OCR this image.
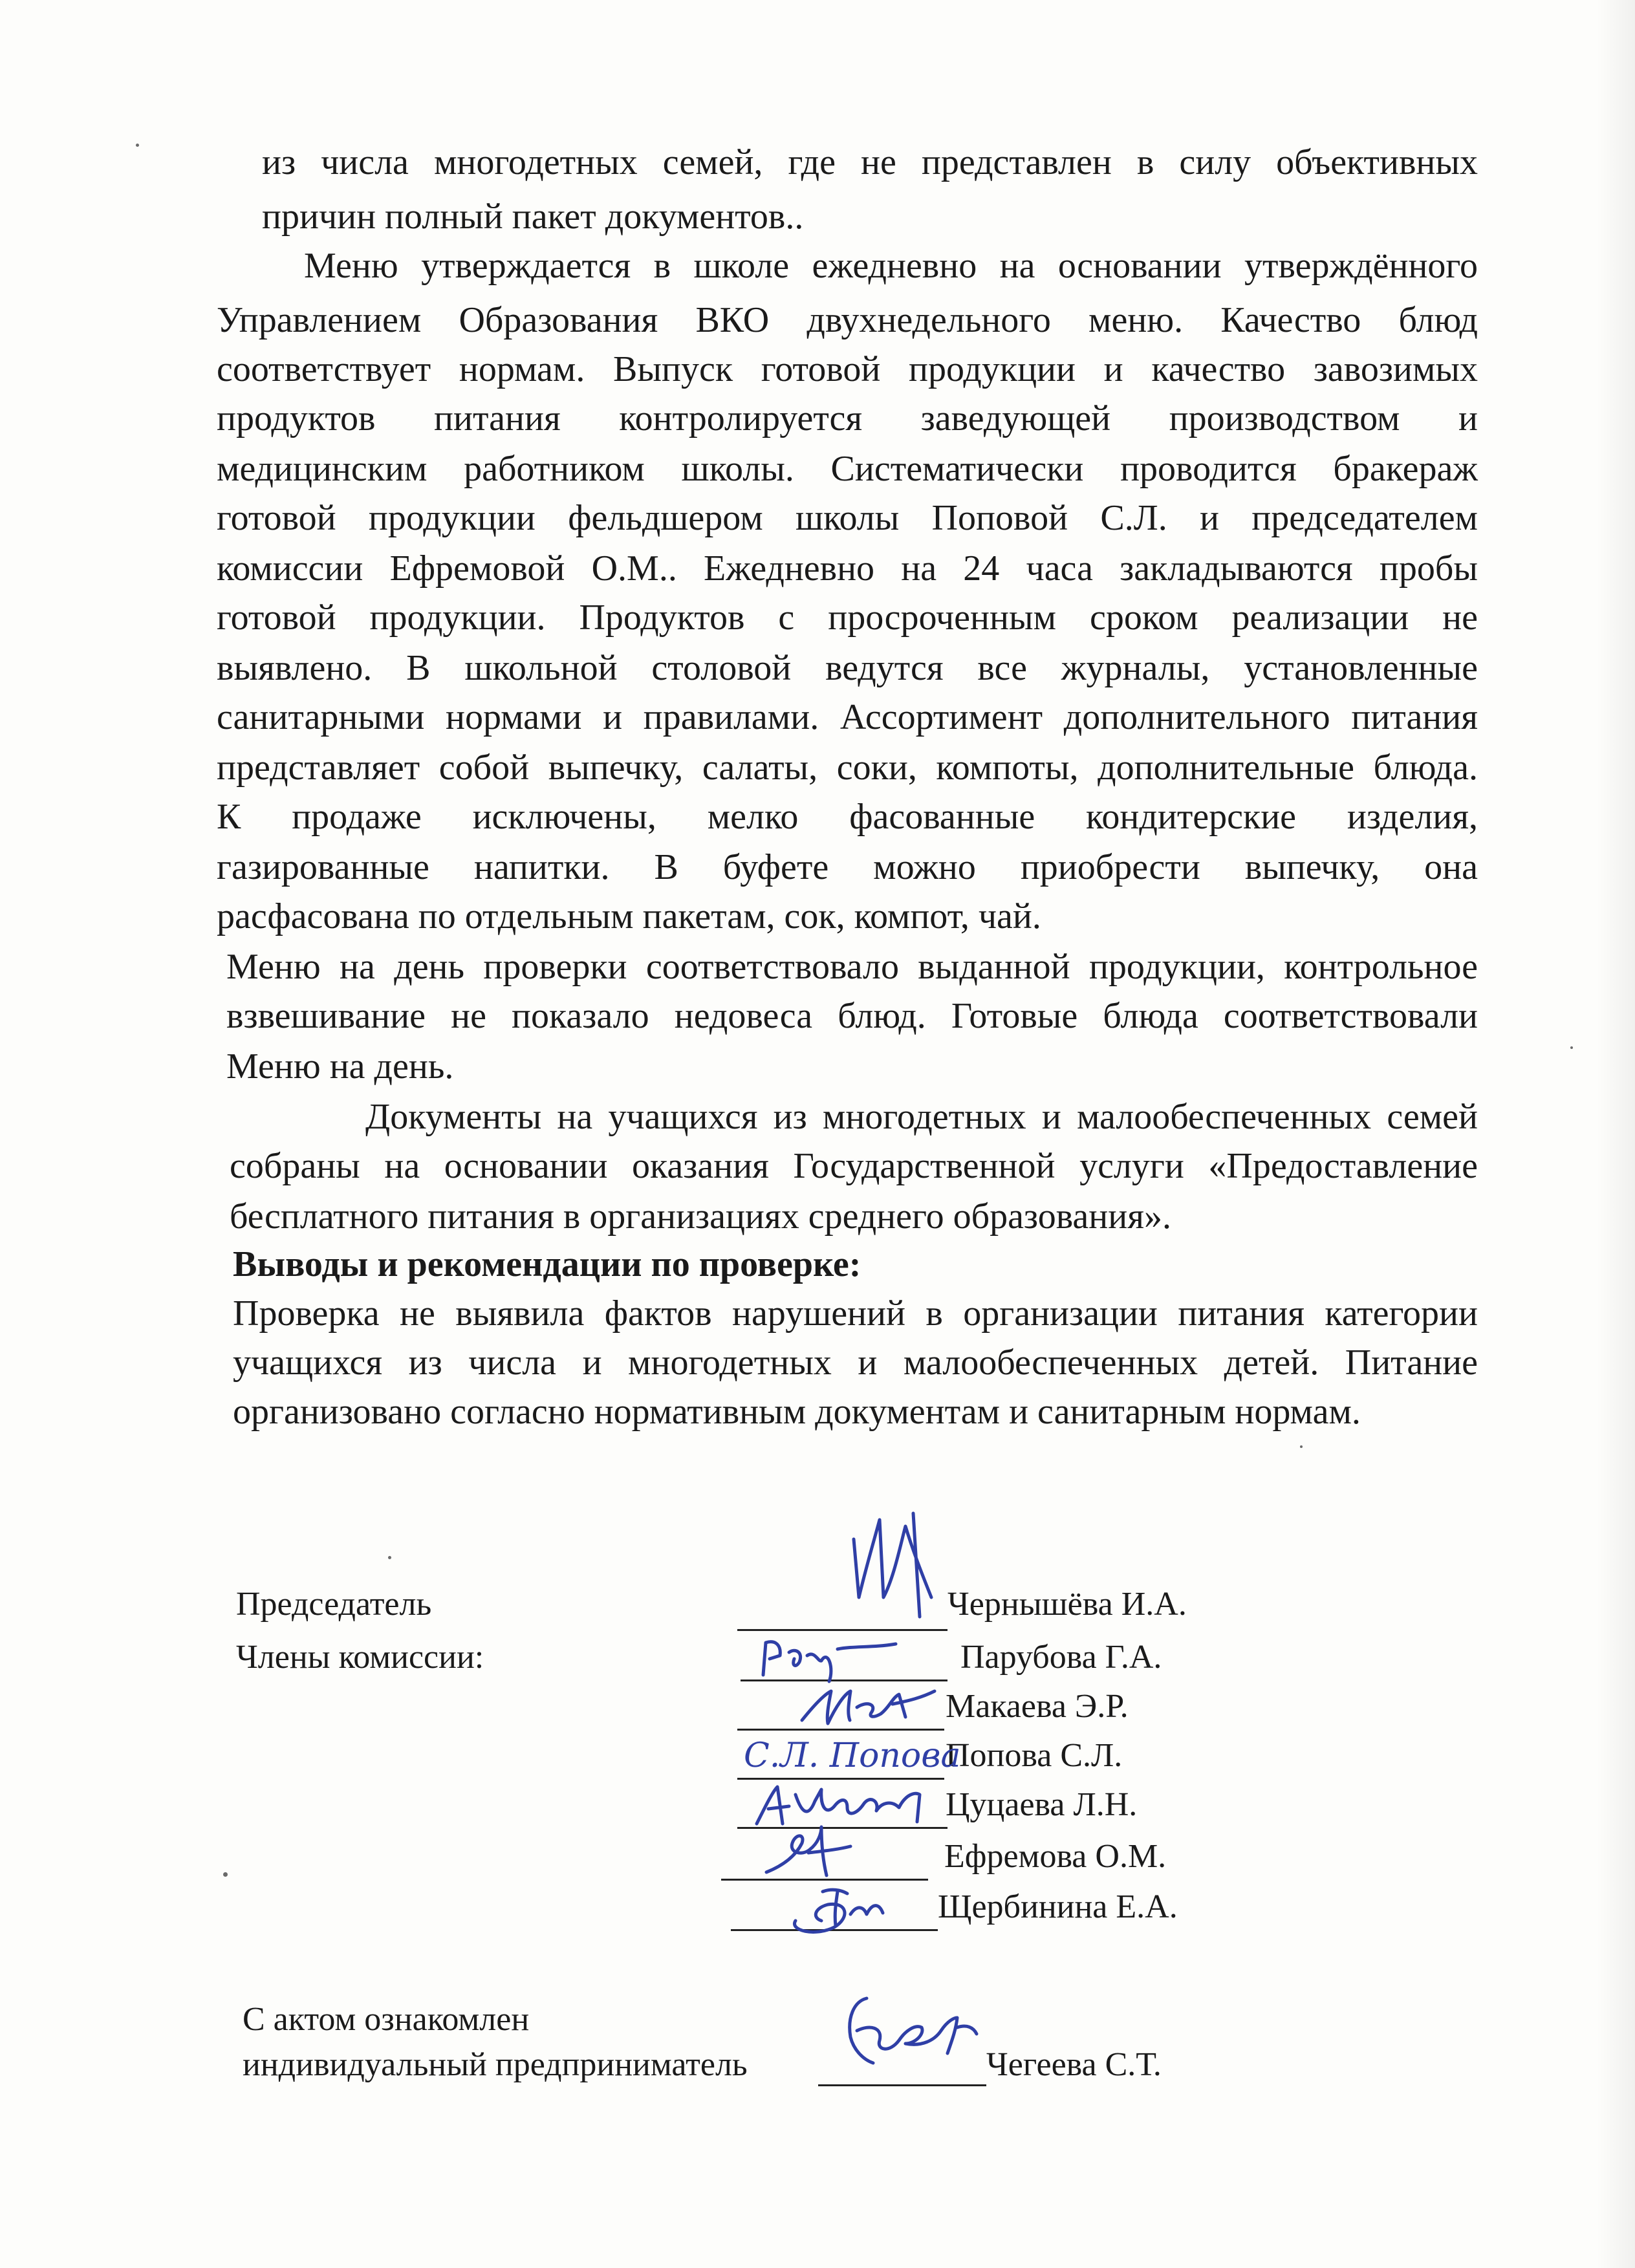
из числа многодетных семей, где не представлен в силу объективных
причин полный пакет документов..
Меню утверждается в школе ежедневно на основании утверждённого
Управлением Образования ВКО двухнедельного меню. Качество блюд
соответствует нормам. Выпуск готовой продукции и качество завозимых
продуктов питания контролируется заведующей производством и
медицинским работником школы. Систематически проводится бракераж
готовой продукции фельдшером школы Поповой С.Л. и председателем
комиссии Ефремовой О.М.. Ежедневно на 24 часа закладываются пробы
готовой продукции. Продуктов с просроченным сроком реализации не
выявлено. В школьной столовой ведутся все журналы, установленные
санитарными нормами и правилами. Ассортимент дополнительного питания
представляет собой выпечку, салаты, соки, компоты, дополнительные блюда.
К продаже исключены, мелко фасованные кондитерские изделия,
газированные напитки. В буфете можно приобрести выпечку, она
расфасована по отдельным пакетам, сок, компот, чай.
Меню на день проверки соответствовало выданной продукции, контрольное
взвешивание не показало недовеса блюд. Готовые блюда соответствовали
Меню на день.
Документы на учащихся из многодетных и малообеспеченных семей
собраны на основании оказания Государственной услуги «Предоставление
бесплатного питания в организациях среднего образования».
Выводы и рекомендации по проверке:
Проверка не выявила фактов нарушений в организации питания категории
учащихся из числа и многодетных и малообеспеченных детей. Питание
организовано согласно нормативным документам и санитарным нормам.
Председатель
Члены комиссии:
Чернышёва И.А.
Парубова Г.А.
Макаева Э.Р.
Попова С.Л.
Цуцаева Л.Н.
Ефремова О.М.
Щербинина Е.А.
С.Л. Попова
С актом ознакомлен
индивидуальный предприниматель	Чегеева С.Т.
